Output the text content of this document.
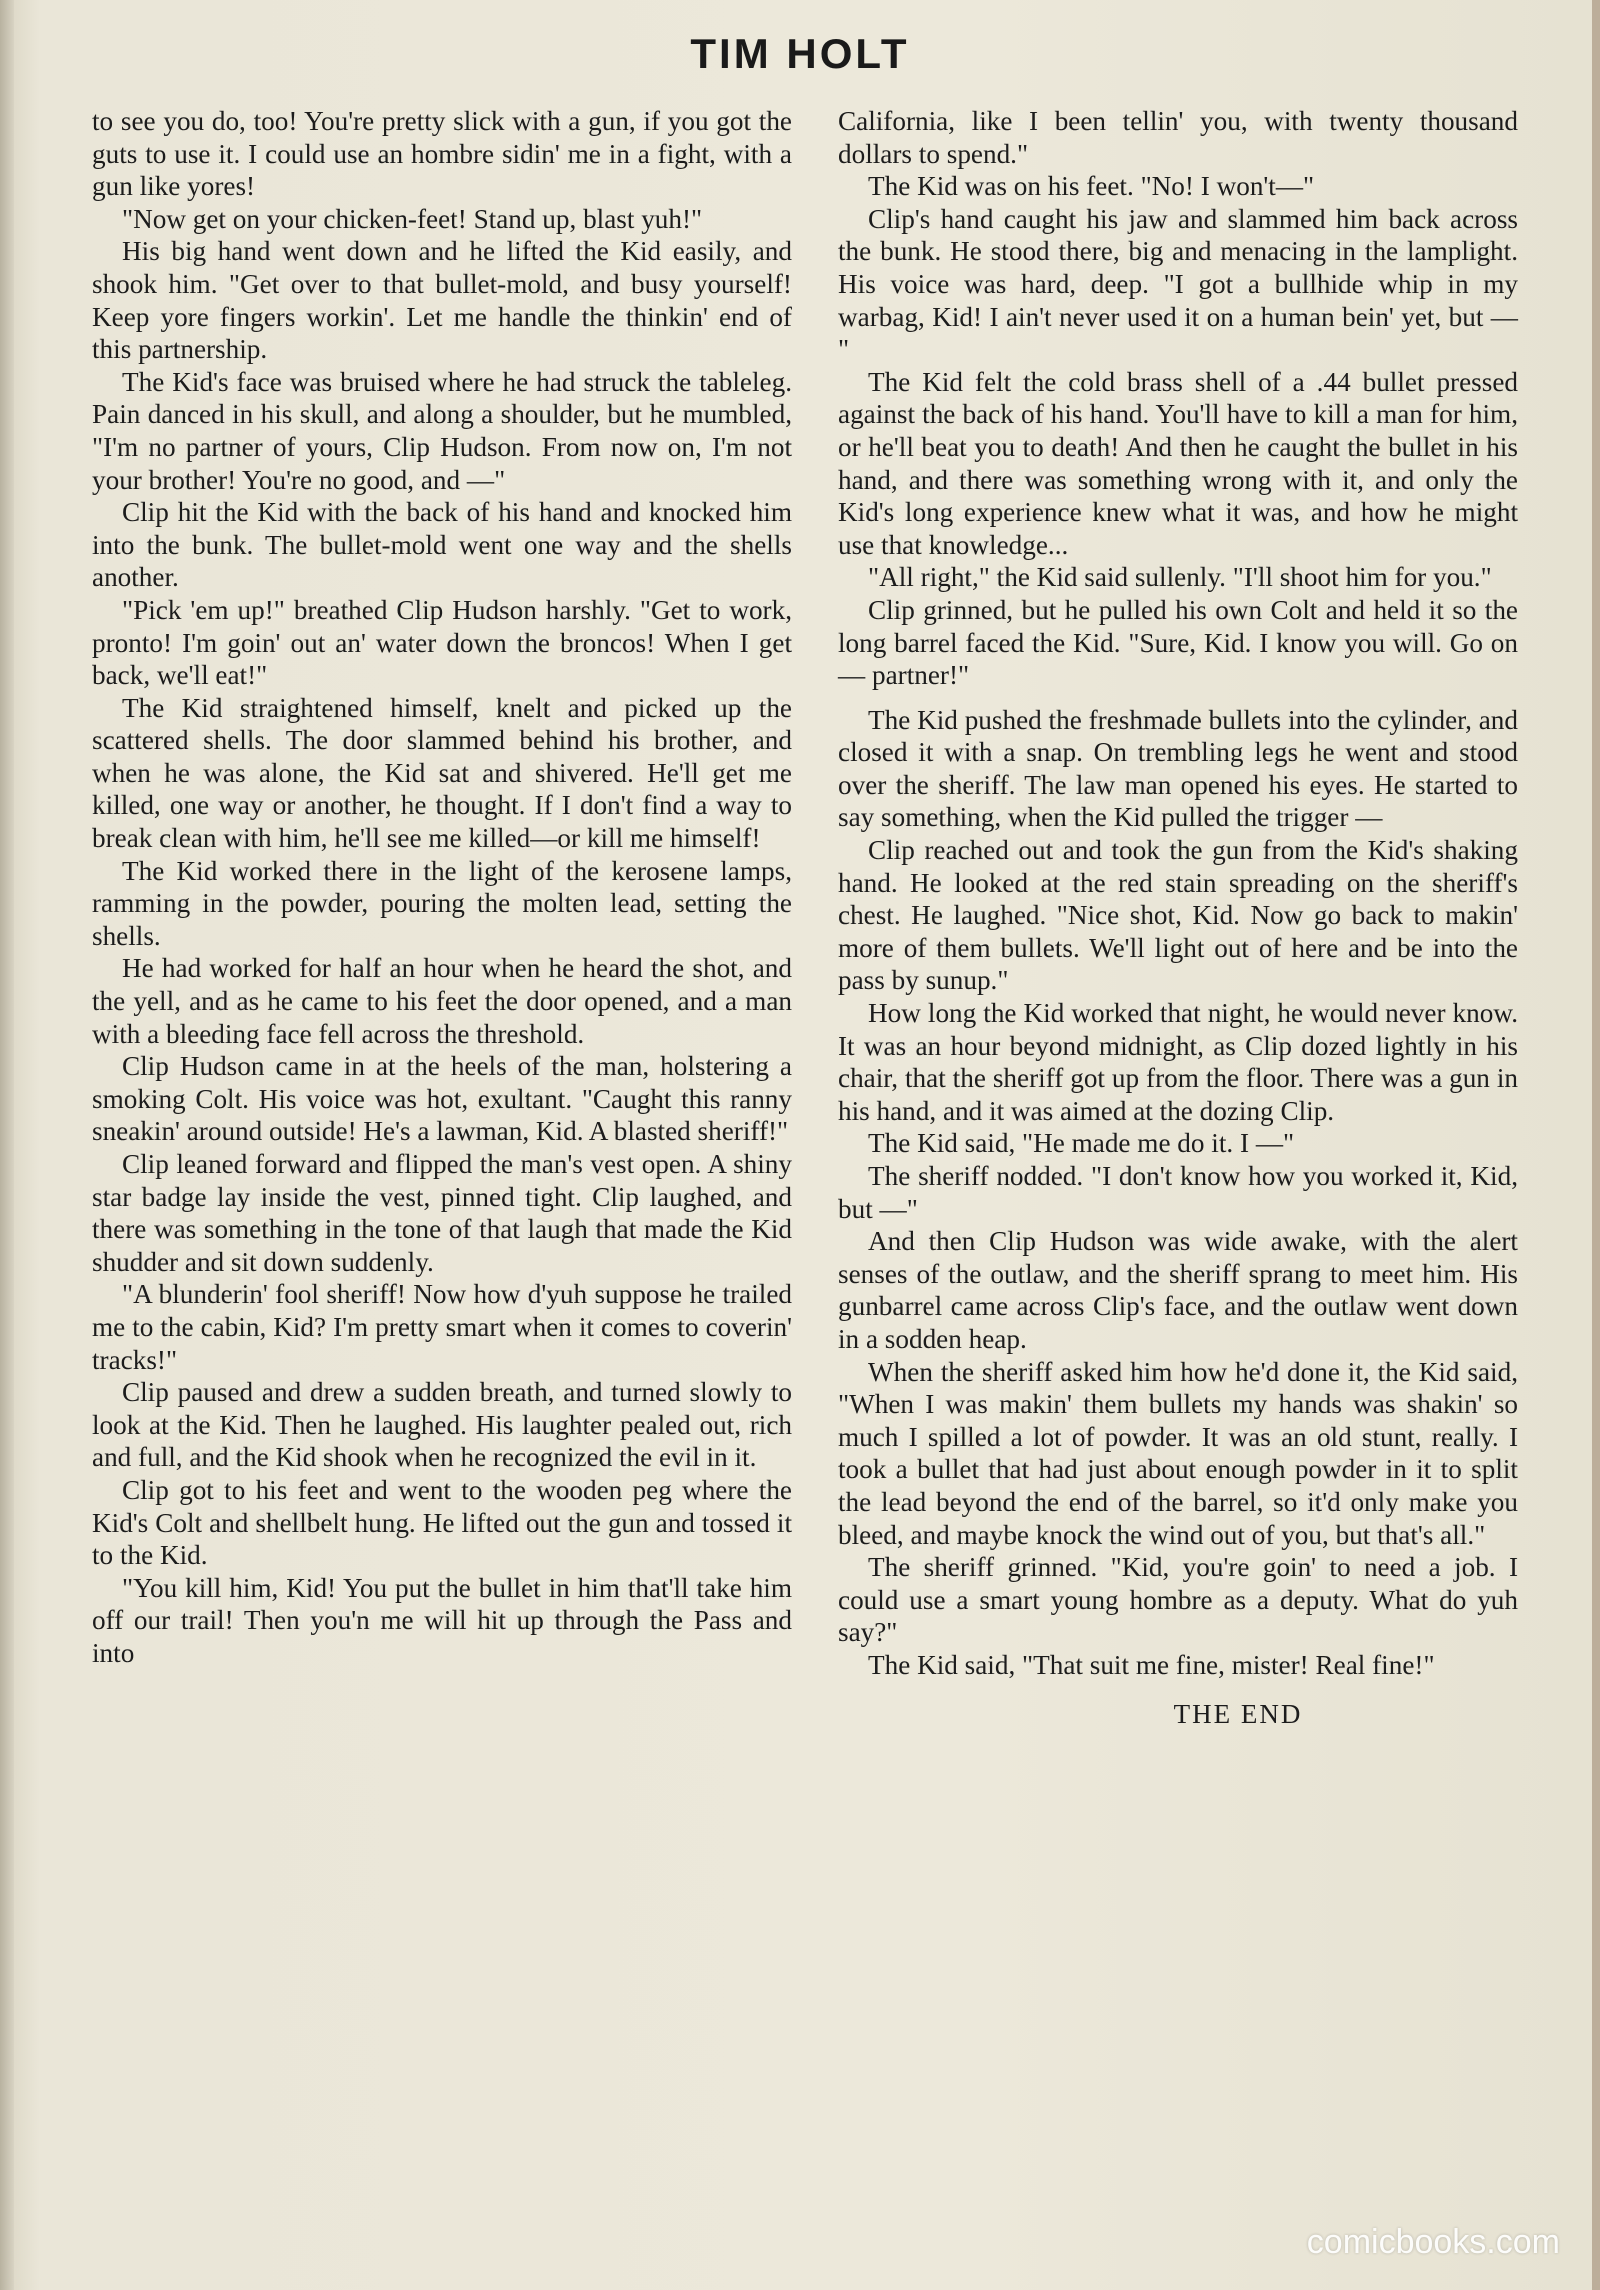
TIM HOLT

to see you do, too! You're pretty slick with a gun, if you got the guts to use it. I could use an hombre sidin' me in a fight, with a gun like yores!

"Now get on your chicken-feet! Stand up, blast yuh!"

His big hand went down and he lifted the Kid easily, and shook him. "Get over to that bullet-mold, and busy yourself! Keep yore fingers workin'. Let me handle the thinkin' end of this partnership.

The Kid's face was bruised where he had struck the tableleg. Pain danced in his skull, and along a shoulder, but he mumbled, "I'm no partner of yours, Clip Hudson. From now on, I'm not your brother! You're no good, and —"

Clip hit the Kid with the back of his hand and knocked him into the bunk. The bullet-mold went one way and the shells another.

"Pick 'em up!" breathed Clip Hudson harshly. "Get to work, pronto! I'm goin' out an' water down the broncos! When I get back, we'll eat!"

The Kid straightened himself, knelt and picked up the scattered shells. The door slammed behind his brother, and when he was alone, the Kid sat and shivered. He'll get me killed, one way or another, he thought. If I don't find a way to break clean with him, he'll see me killed—or kill me himself!

The Kid worked there in the light of the kerosene lamps, ramming in the powder, pouring the molten lead, setting the shells.

He had worked for half an hour when he heard the shot, and the yell, and as he came to his feet the door opened, and a man with a bleeding face fell across the threshold.

Clip Hudson came in at the heels of the man, holstering a smoking Colt. His voice was hot, exultant. "Caught this ranny sneakin' around outside! He's a lawman, Kid. A blasted sheriff!"

Clip leaned forward and flipped the man's vest open. A shiny star badge lay inside the vest, pinned tight. Clip laughed, and there was something in the tone of that laugh that made the Kid shudder and sit down suddenly.

"A blunderin' fool sheriff! Now how d'yuh suppose he trailed me to the cabin, Kid? I'm pretty smart when it comes to coverin' tracks!"

Clip paused and drew a sudden breath, and turned slowly to look at the Kid. Then he laughed. His laughter pealed out, rich and full, and the Kid shook when he recognized the evil in it.

Clip got to his feet and went to the wooden peg where the Kid's Colt and shellbelt hung. He lifted out the gun and tossed it to the Kid.

"You kill him, Kid! You put the bullet in him that'll take him off our trail! Then you'n me will hit up through the Pass and into

California, like I been tellin' you, with twenty thousand dollars to spend."

The Kid was on his feet. "No! I won't—"

Clip's hand caught his jaw and slammed him back across the bunk. He stood there, big and menacing in the lamplight. His voice was hard, deep. "I got a bullhide whip in my warbag, Kid! I ain't never used it on a human bein' yet, but — "

The Kid felt the cold brass shell of a .44 bullet pressed against the back of his hand. You'll have to kill a man for him, or he'll beat you to death! And then he caught the bullet in his hand, and there was something wrong with it, and only the Kid's long experience knew what it was, and how he might use that knowledge...

"All right," the Kid said sullenly. "I'll shoot him for you."

Clip grinned, but he pulled his own Colt and held it so the long barrel faced the Kid. "Sure, Kid. I know you will. Go on — partner!"

The Kid pushed the freshmade bullets into the cylinder, and closed it with a snap. On trembling legs he went and stood over the sheriff. The law man opened his eyes. He started to say something, when the Kid pulled the trigger —

Clip reached out and took the gun from the Kid's shaking hand. He looked at the red stain spreading on the sheriff's chest. He laughed. "Nice shot, Kid. Now go back to makin' more of them bullets. We'll light out of here and be into the pass by sunup."

How long the Kid worked that night, he would never know. It was an hour beyond midnight, as Clip dozed lightly in his chair, that the sheriff got up from the floor. There was a gun in his hand, and it was aimed at the dozing Clip.

The Kid said, "He made me do it. I —"

The sheriff nodded. "I don't know how you worked it, Kid, but —"

And then Clip Hudson was wide awake, with the alert senses of the outlaw, and the sheriff sprang to meet him. His gunbarrel came across Clip's face, and the outlaw went down in a sodden heap.

When the sheriff asked him how he'd done it, the Kid said, "When I was makin' them bullets my hands was shakin' so much I spilled a lot of powder. It was an old stunt, really. I took a bullet that had just about enough powder in it to split the lead beyond the end of the barrel, so it'd only make you bleed, and maybe knock the wind out of you, but that's all."

The sheriff grinned. "Kid, you're goin' to need a job. I could use a smart young hombre as a deputy. What do yuh say?"

The Kid said, "That suit me fine, mister! Real fine!"

THE END
comicbooks.com
